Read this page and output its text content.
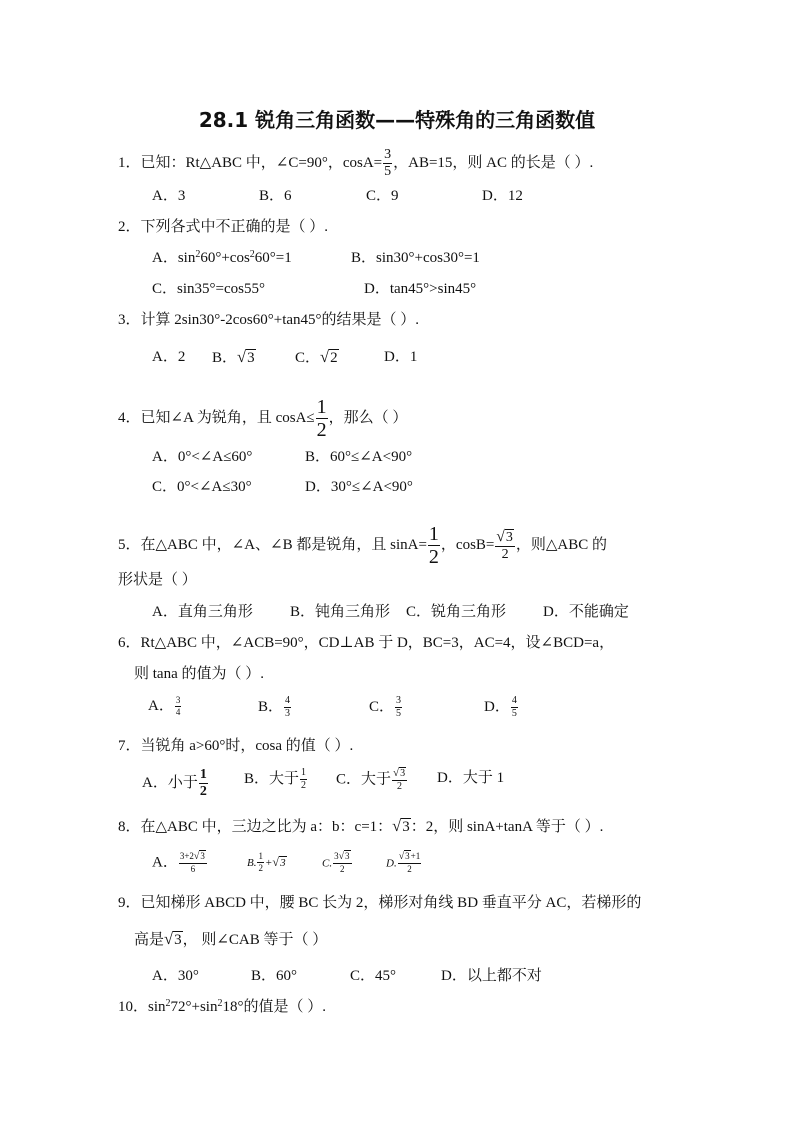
28.1 锐角三角函数——特殊角的三角函数值
1．已知：Rt△ABC 中，∠C=90°，$\cos A= \frac{3}{5}$ ，AB=15，则 AC 的长是（ ）.
A．3	B．6	C．9	D．12
2．下列各式中不正确的是（ ）.
A．$\sin^260^\circ+\cos^260^\circ=1$	B．sin30°+cos30°=1
C．sin35°=cos55°	D．tan45°>sin45°
3．计算 2sin30°-2cos60°+tan45°的结果是（ ）.
A．2 B．√3	C．√2	D．1
4．已知∠A 为锐角，且 $\cos A\le \frac{1}{2}$ ，那么（ ）
A．0°<∠A≤60°	B．60°≤∠A<90°
C．0°<∠A≤30°	D．30°≤∠A<90°
5．在△ABC 中，∠A、∠B 都是锐角，且 $\sin A= \frac{1}{2}$ ，$\cos B= \frac{√3}{2}$ ，则△ABC 的
形状是（ ）
A．直角三角形 B．钝角三角形 C．锐角三角形 D．不能确定
6．Rt△ABC 中，∠ACB=90°，CD⊥AB 于 D，BC=3，AC=4，设∠BCD=a，
则 tana 的值为（ ）.
A． $\frac{3}{4}$	B． $\frac{4}{3}$	C． $\frac{3}{5}$	D． $\frac{4}{5}$
7．当锐角 a>60°时，cosa 的值（ ）.
A．小于 $\frac{1}{2}$ B．大于 $\frac{1}{2}$ C．大于 $\frac{√3}{2}$ D．大于 1
8．在△ABC 中，三边之比为 a：b：c=1：√3：2，则 sinA+tanA 等于（ ）.
A． $\frac{3+2√3}{6}$	B. $\frac{1}{2} +√3$	C. $\frac{3√3}{2}$	D. $\frac{√3+1}{2}$
9．已知梯形 ABCD 中，腰 BC 长为 2，梯形对角线 BD 垂直平分 AC，若梯形的
高是√3， 则∠CAB 等于（ ）
A．30°	B．60°	C．45°	D．以上都不对
10．$\sin^272^\circ+\sin^218^\circ$的值是（ ）.
